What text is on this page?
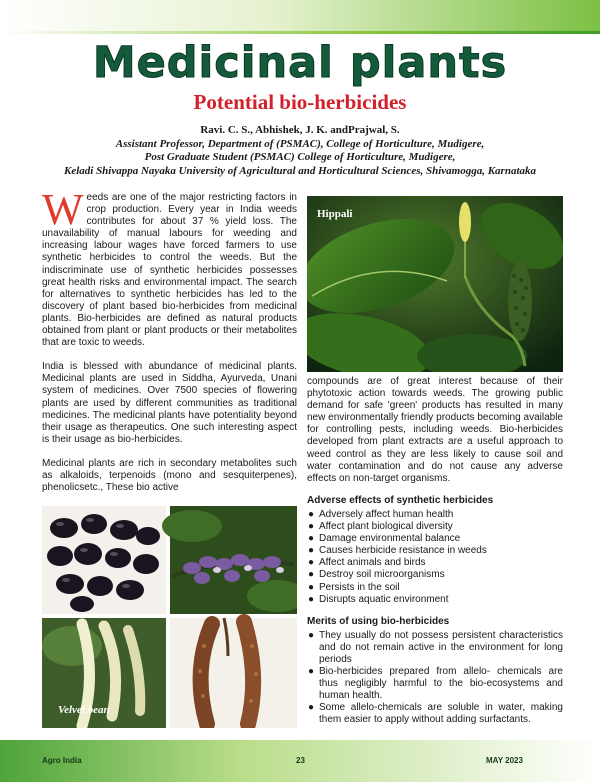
Medicinal plants
Potential bio-herbicides
Ravi. C. S., Abhishek, J. K. andPrajwal, S.
Assistant Professor, Department of (PSMAC), College of Horticulture, Mudigere,
Post Graduate Student (PSMAC) College of Horticulture, Mudigere,
Keladi Shivappa Nayaka University of Agricultural and Horticultural Sciences, Shivamogga, Karnataka

Weeds are one of the major restricting factors in crop production. Every year in India weeds contributes for about 37 % yield loss. The unavailability of manual labours for weeding and increasing labour wages have forced farmers to use synthetic herbicides to control the weeds. But the indiscriminate use of synthetic herbicides possesses great health risks and environmental impact. The search for alternatives to synthetic herbicides has led to the discovery of plant based bio-herbicides from medicinal plants. Bio-herbicides are defined as natural products obtained from plant or plant products or their metabolites that are toxic to weeds.

India is blessed with abundance of medicinal plants. Medicinal plants are used in Siddha, Ayurveda, Unani system of medicines. Over 7500 species of flowering plants are used by different communities as traditional medicines. The medicinal plants have potentiality beyond their usage as therapeutics. One such interesting aspect is their usage as bio-herbicides.

Medicinal plants are rich in secondary metabolites such as alkaloids, terpenoids (mono and sesquiterpenes), phenolicsetc., These bio active

Hippali

compounds are of great interest because of their phytotoxic action towards weeds. The growing public demand for safe 'green' products has resulted in many new environmentally friendly products becoming available for controlling pests, including weeds. Bio-herbicides developed from plant extracts are a useful approach to weed control as they are less likely to cause soil and water contamination and do not cause any adverse effects on non-target organisms.

Adverse effects of synthetic herbicides
● Adversely affect human health
● Affect plant biological diversity
● Damage environmental balance
● Causes herbicide resistance in weeds
● Affect animals and birds
● Destroy soil microorganisms
● Persists in the soil
● Disrupts aquatic environment
Merits of using bio-herbicides
● They usually do not possess persistent characteristics and do not remain active in the environment for long periods
● Bio-herbicides prepared from allelo- chemicals are thus negligibly harmful to the bio-ecosystems and human health.
● Some allelo-chemicals are soluble in water, making them easier to apply without adding surfactants.
Velvet bean
Agro India	23	MAY 2023
